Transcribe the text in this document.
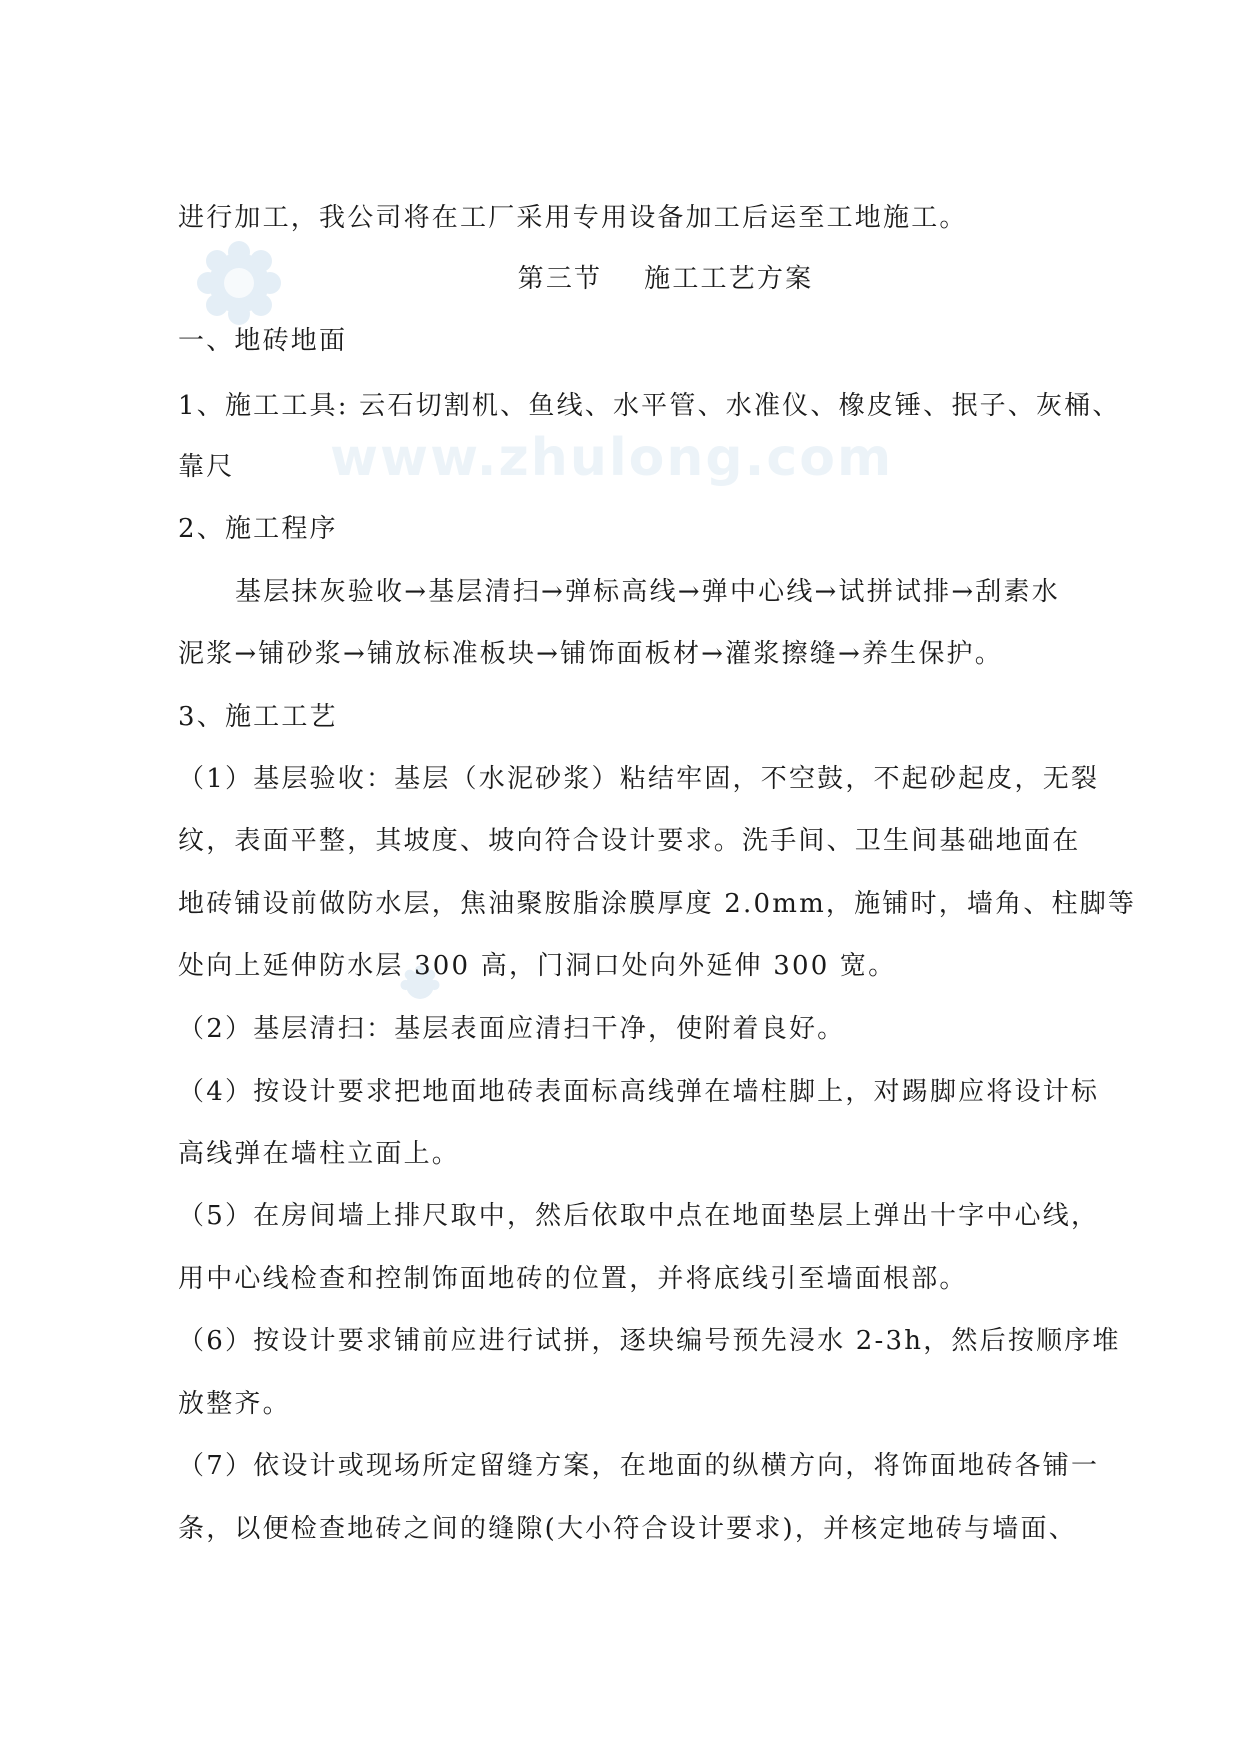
www.zhulong.com
进行加工，我公司将在工厂采用专用设备加工后运至工地施工。
第三节    施工工艺方案
一、地砖地面
1、施工工具: 云石切割机、鱼线、水平管、水准仪、橡皮锤、抿子、灰桶、
靠尺
2、施工程序
基层抹灰验收→基层清扫→弹标高线→弹中心线→试拼试排→刮素水
泥浆→铺砂浆→铺放标准板块→铺饰面板材→灌浆擦缝→养生保护。
3、施工工艺
（1）基层验收：基层（水泥砂浆）粘结牢固，不空鼓，不起砂起皮，无裂
纹，表面平整，其坡度、坡向符合设计要求。洗手间、卫生间基础地面在
地砖铺设前做防水层，焦油聚胺脂涂膜厚度 2.0mm，施铺时，墙角、柱脚等
处向上延伸防水层 300 高，门洞口处向外延伸 300 宽。
（2）基层清扫：基层表面应清扫干净，使附着良好。
（4）按设计要求把地面地砖表面标高线弹在墙柱脚上，对踢脚应将设计标
高线弹在墙柱立面上。
（5）在房间墙上排尺取中，然后依取中点在地面垫层上弹出十字中心线，
用中心线检查和控制饰面地砖的位置，并将底线引至墙面根部。
（6）按设计要求铺前应进行试拼，逐块编号预先浸水 2-3h，然后按顺序堆
放整齐。
（7）依设计或现场所定留缝方案，在地面的纵横方向，将饰面地砖各铺一
条，以便检查地砖之间的缝隙(大小符合设计要求)，并核定地砖与墙面、
